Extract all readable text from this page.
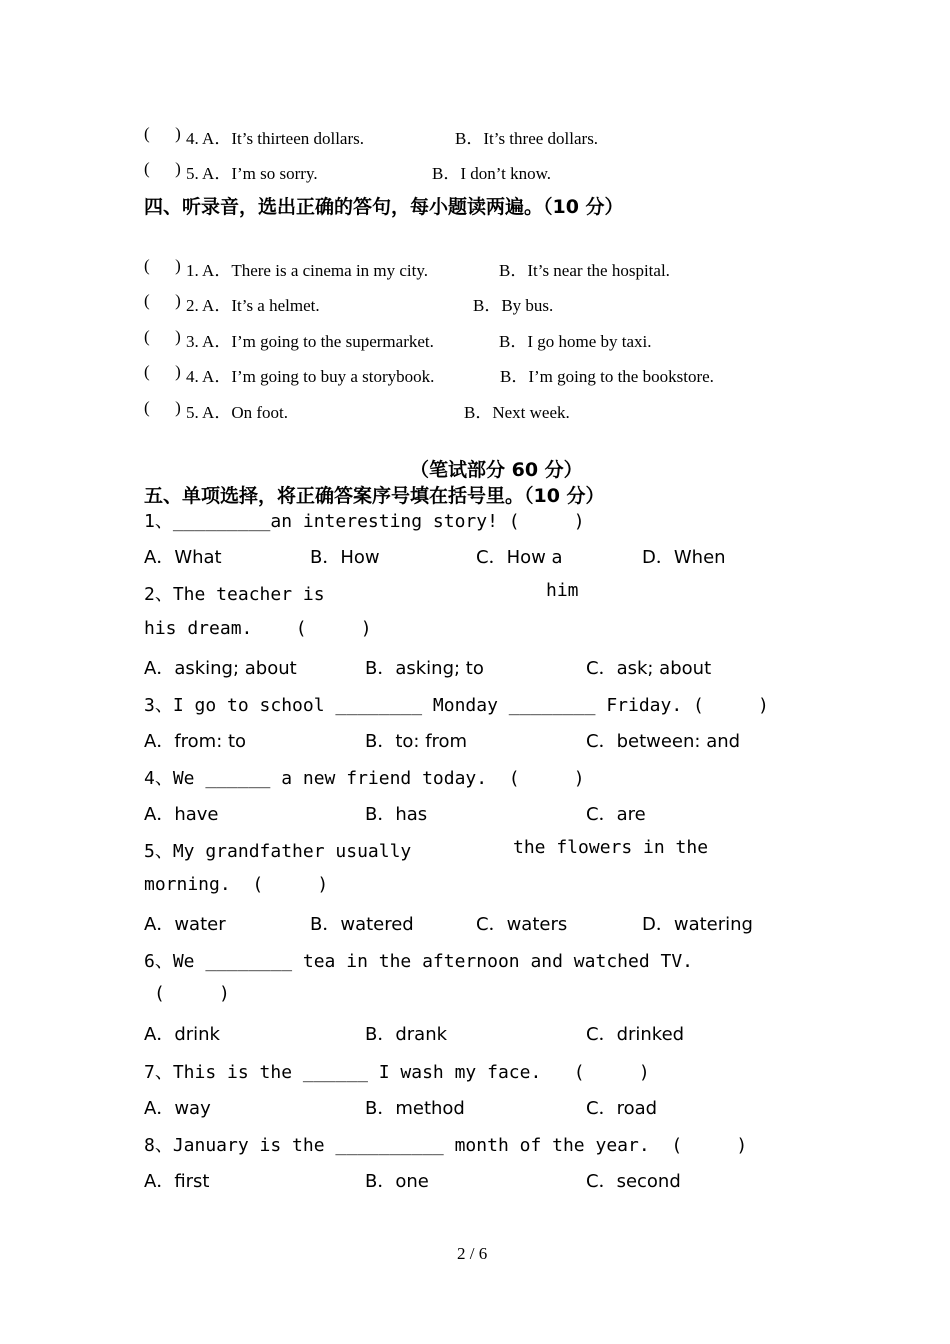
(      ) 4. A．It’s thirteen dollars.	B．It’s three dollars.
(      ) 5. A．I’m so sorry.	B．I don’t know.
四、听录音，选出正确的答句，每小题读两遍。（10 分）
(      ) 1. A．There is a cinema in my city.	B．It’s near the hospital.
(      ) 2. A．It’s a helmet.	B．By bus.
(      ) 3. A．I’m going to the supermarket.	B．I go home by taxi.
(      ) 4. A．I’m going to buy a storybook.	B．I’m going to the bookstore.
(      ) 5. A．On foot.	B．Next week.
（笔试部分 60 分）
五、单项选择，将正确答案序号填在括号里。（10 分）
1、_________an interesting story! (     )
A．What	B．How	C．How a	D．When
2、The teacher is	him
his dream.    (     )
A．asking; about	B．asking; to	C．ask; about
3、I go to school ________ Monday ________ Friday. (     )
A．from: to	B．to: from	C．between: and
4、We ______ a new friend today.  (     )
A．have	B．has	C．are
5、My grandfather usually	the flowers in the
morning.  (     )
A．water	B．watered	C．waters	D．watering
6、We ________ tea in the afternoon and watched TV.
(     )
A．drink	B．drank	C．drinked
7、This is the ______ I wash my face.   (     )
A．way	B．method	C．road
8、January is the __________ month of the year.  (     )
A．first	B．one	C．second
2 / 6
